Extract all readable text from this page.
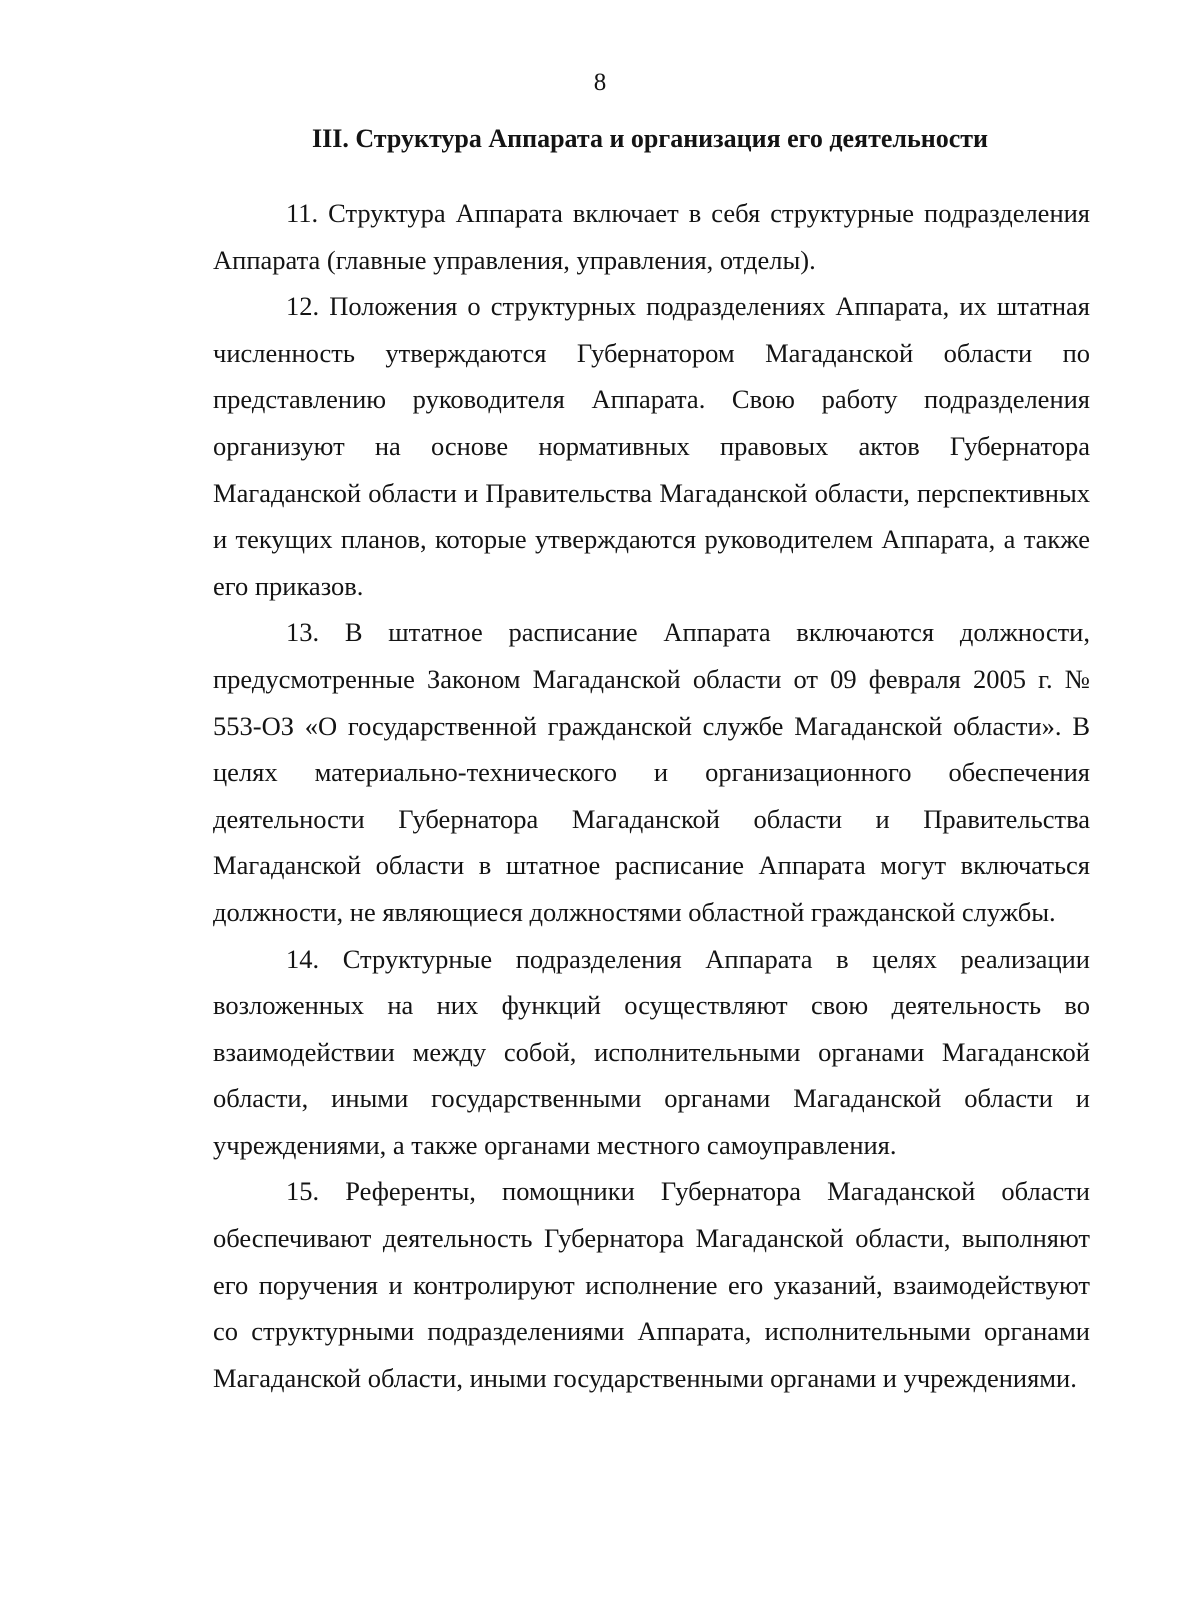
8
III. Структура Аппарата и организация его деятельности

11. Структура Аппарата включает в себя структурные подразделения Аппарата (главные управления, управления, отделы).

12. Положения о структурных подразделениях Аппарата, их штатная численность утверждаются Губернатором Магаданской области по представлению руководителя Аппарата. Свою работу подразделения организуют на основе нормативных правовых актов Губернатора Магаданской области и Правительства Магаданской области, перспективных и текущих планов, которые утверждаются руководителем Аппарата, а также его приказов.

13. В штатное расписание Аппарата включаются должности, предусмотренные Законом Магаданской области от 09 февраля 2005 г. № 553-ОЗ «О государственной гражданской службе Магаданской области». В целях материально-технического и организационного обеспечения деятельности Губернатора Магаданской области и Правительства Магаданской области в штатное расписание Аппарата могут включаться должности, не являющиеся должностями областной гражданской службы.

14. Структурные подразделения Аппарата в целях реализации возложенных на них функций осуществляют свою деятельность во взаимодействии между собой, исполнительными органами Магаданской области, иными государственными органами Магаданской области и учреждениями, а также органами местного самоуправления.

15. Референты, помощники Губернатора Магаданской области обеспечивают деятельность Губернатора Магаданской области, выполняют его поручения и контролируют исполнение его указаний, взаимодействуют со структурными подразделениями Аппарата, исполнительными органами Магаданской области, иными государственными органами и учреждениями.
